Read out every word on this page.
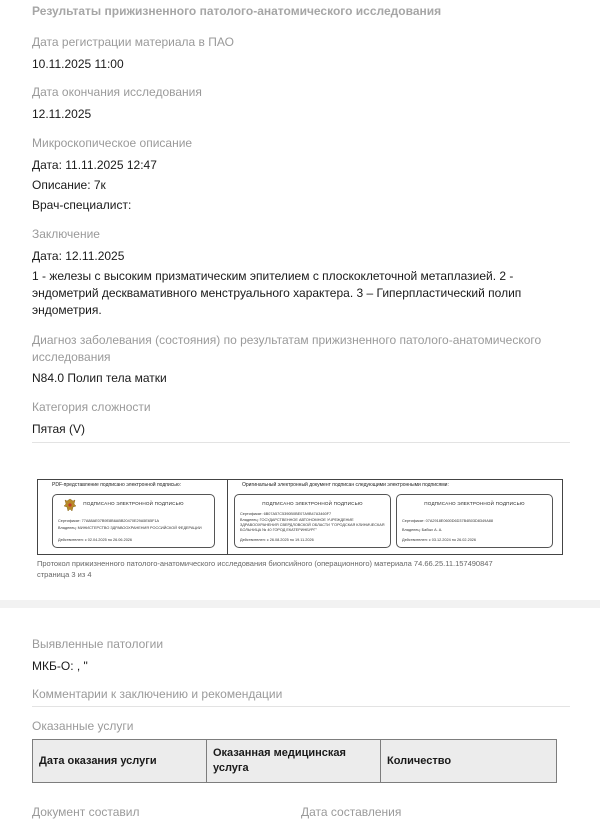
Результаты прижизненного патолого-анатомического исследования
Дата регистрации материала в ПАО
10.11.2025 11:00
Дата окончания исследования
12.11.2025
Микроскопическое описание
Дата: 11.11.2025 12:47
Описание: 7к
Врач-специалист:
Заключение
Дата: 12.11.2025
1 - железы с высоким призматическим эпителием с плоскоклеточной метаплазией. 2 - эндометрий десквамативного менструального характера. 3 – Гиперпластический полип эндометрия.
Диагноз заболевания (состояния) по результатам прижизненного патолого-анатомического исследования
N84.0 Полип тела матки
Категория сложности
Пятая (V)
PDF-представление подписано электронной подписью:	Оригинальный электронный документ подписан следующими электронными подписями:
ПОДПИСАНО ЭЛЕКТРОННОЙ ПОДПИСЬЮ
Сертификат: 77A88AE07B9E8B6ABB20470E29A5E65F1A
Владелец: МИНИСТЕРСТВО ЗДРАВООХРАНЕНИЯ РОССИЙСКОЙ ФЕДЕРАЦИИ
Действителен: с 02.04.2025 по 26.06.2026
ПОДПИСАНО ЭЛЕКТРОННОЙ ПОДПИСЬЮ
Сертификат: 6B07A57C5390B0BE07A9B47A3460F7
Владелец: ГОСУДАРСТВЕННОЕ АВТОНОМНОЕ УЧРЕЖДЕНИЕ
ЗДРАВООХРАНЕНИЯ СВЕРДЛОВСКОЙ ОБЛАСТИ "ГОРОДСКАЯ КЛИНИЧЕСКАЯ БОЛЬНИЦА № 40 ГОРОД ЕКАТЕРИНБУРГ"
Действителен: с 26.08.2025 по 19.11.2026
ПОДПИСАНО ЭЛЕКТРОННОЙ ПОДПИСЬЮ
Сертификат: 07A2918E0600D6D37B4B03D8349A88
Владелец: Бабых А. А.
Действителен: с 03.12.2024 по 26.02.2026
Протокол прижизненного патолого-анатомического исследования биопсийного (операционного) материала 74.66.25.11.157490847
страница 3 из 4
Выявленные патологии
МКБ-О: , "
Комментарии к заключению и рекомендации
Оказанные услуги
Документ составил	Дата составления
Дата оказания услуги
Оказанная медицинская услуга
Количество
